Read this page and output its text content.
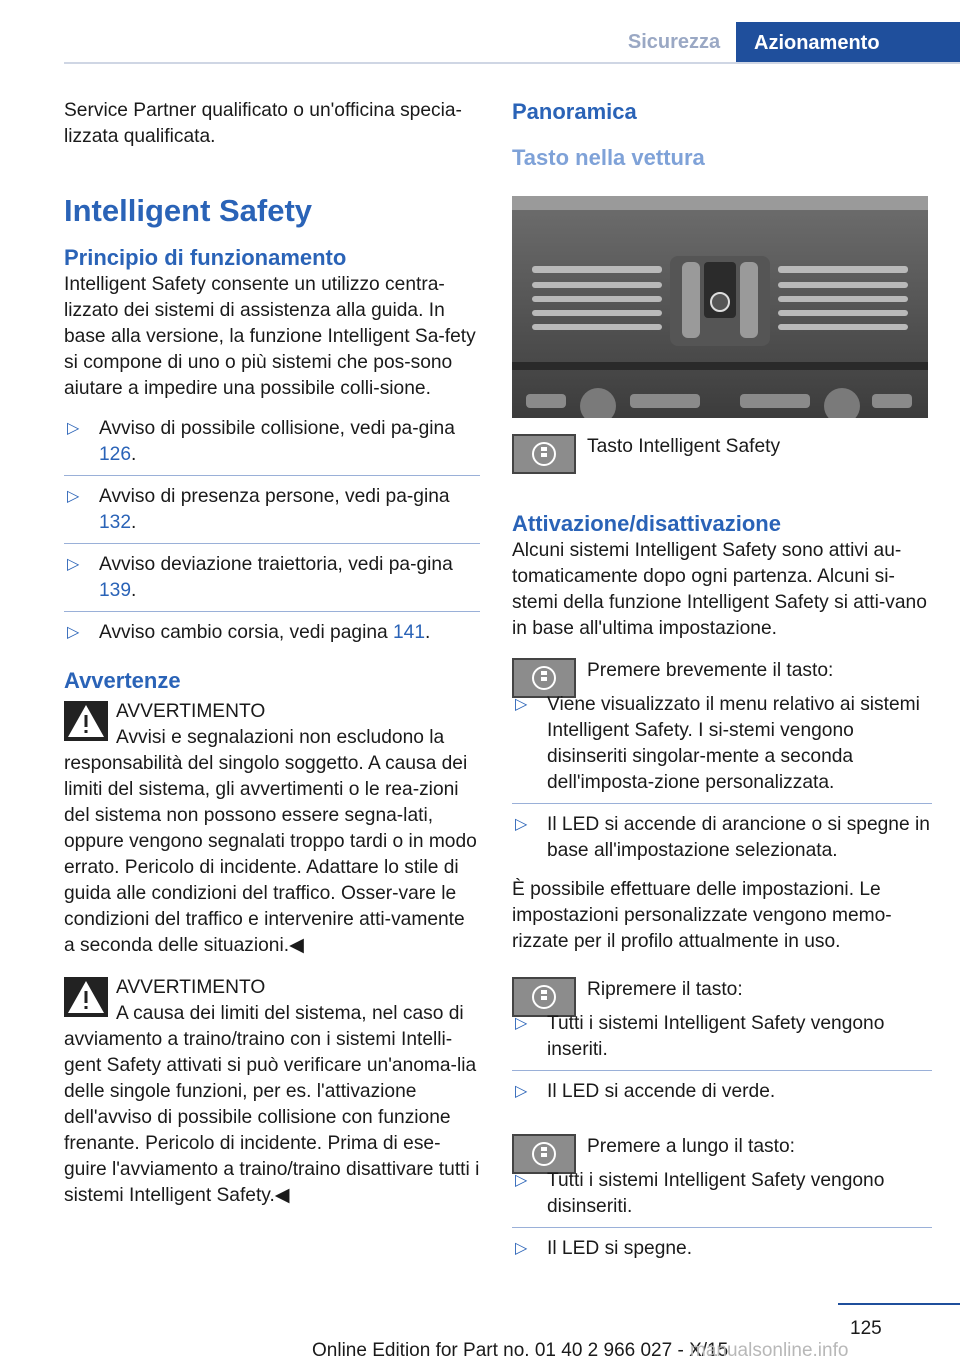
Sicurezza	Azionamento

Service Partner qualificato o un'officina specia-lizzata qualificata.

Intelligent Safety
Principio di funzionamento

Intelligent Safety consente un utilizzo centra-lizzato dei sistemi di assistenza alla guida. In base alla versione, la funzione Intelligent Sa-fety si compone di uno o più sistemi che pos-sono aiutare a impedire una possibile colli-sione.

▷ Avviso di possibile collisione, vedi pa-gina 126.
▷ Avviso di presenza persone, vedi pa-gina 132.
▷ Avviso deviazione traiettoria, vedi pa-gina 139.
▷ Avviso cambio corsia, vedi pagina 141.
Avvertenze
AVVERTIMENTO

Avvisi e segnalazioni non escludono la responsabilità del singolo soggetto. A causa dei limiti del sistema, gli avvertimenti o le rea-zioni del sistema non possono essere segna-lati, oppure vengono segnalati troppo tardi o in modo errato. Pericolo di incidente. Adattare lo stile di guida alle condizioni del traffico. Osser-vare le condizioni del traffico e intervenire atti-vamente a seconda delle situazioni.◀

AVVERTIMENTO

A causa dei limiti del sistema, nel caso di avviamento a traino/traino con i sistemi Intelli-gent Safety attivati si può verificare un'anoma-lia delle singole funzioni, per es. l'attivazione dell'avviso di possibile collisione con funzione frenante. Pericolo di incidente. Prima di ese-guire l'avviamento a traino/traino disattivare tutti i sistemi Intelligent Safety.◀

Panoramica
Tasto nella vettura
Tasto Intelligent Safety
Attivazione/disattivazione

Alcuni sistemi Intelligent Safety sono attivi au-tomaticamente dopo ogni partenza. Alcuni si-stemi della funzione Intelligent Safety si atti-vano in base all'ultima impostazione.

Premere brevemente il tasto:
▷ Viene visualizzato il menu relativo ai sistemi Intelligent Safety. I si-stemi vengono disinseriti singolar-mente a seconda dell'imposta-zione personalizzata.
▷ Il LED si accende di arancione o si spegne in base all'impostazione selezionata.

È possibile effettuare delle impostazioni. Le impostazioni personalizzate vengono memo-rizzate per il profilo attualmente in uso.

Ripremere il tasto:
▷ Tutti i sistemi Intelligent Safety vengono inseriti.
▷ Il LED si accende di verde.
Premere a lungo il tasto:
▷ Tutti i sistemi Intelligent Safety vengono disinseriti.
▷ Il LED si spegne.
125
Online Edition for Part no. 01 40 2 966 027 - X/15
manualsonline.info
